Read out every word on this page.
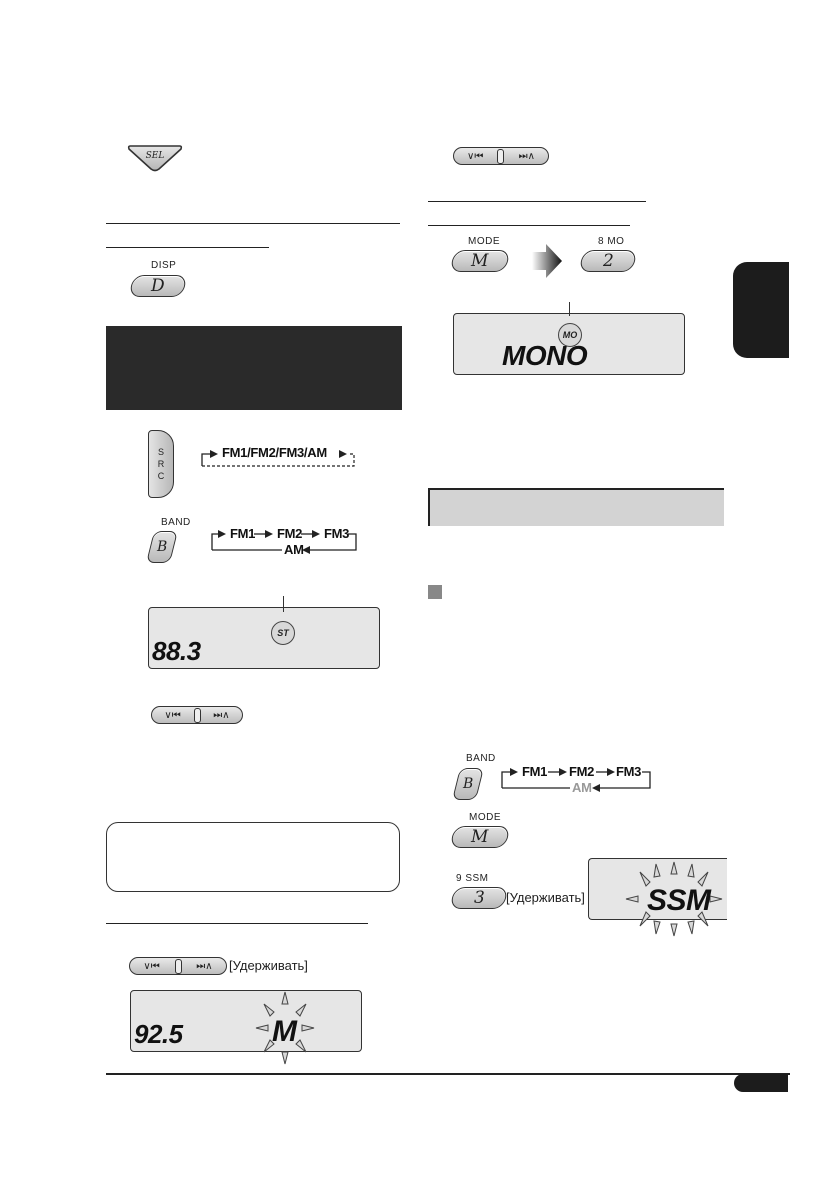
SEL
DISP
D
S
R
C
FM1/FM2/FM3/AM
BAND
B
FM1 FM2 FM3
AM
ST
88.3
∨⏮	⏭∧
∨⏮	⏭∧ [Удерживать]
92.5	M
∨⏮	⏭∧
MODE
M
8 MO
2
MO
MONO
BAND
B
FM1 FM2 FM3
AM
MODE
M
9 SSM
3 [Удерживать] SSM
